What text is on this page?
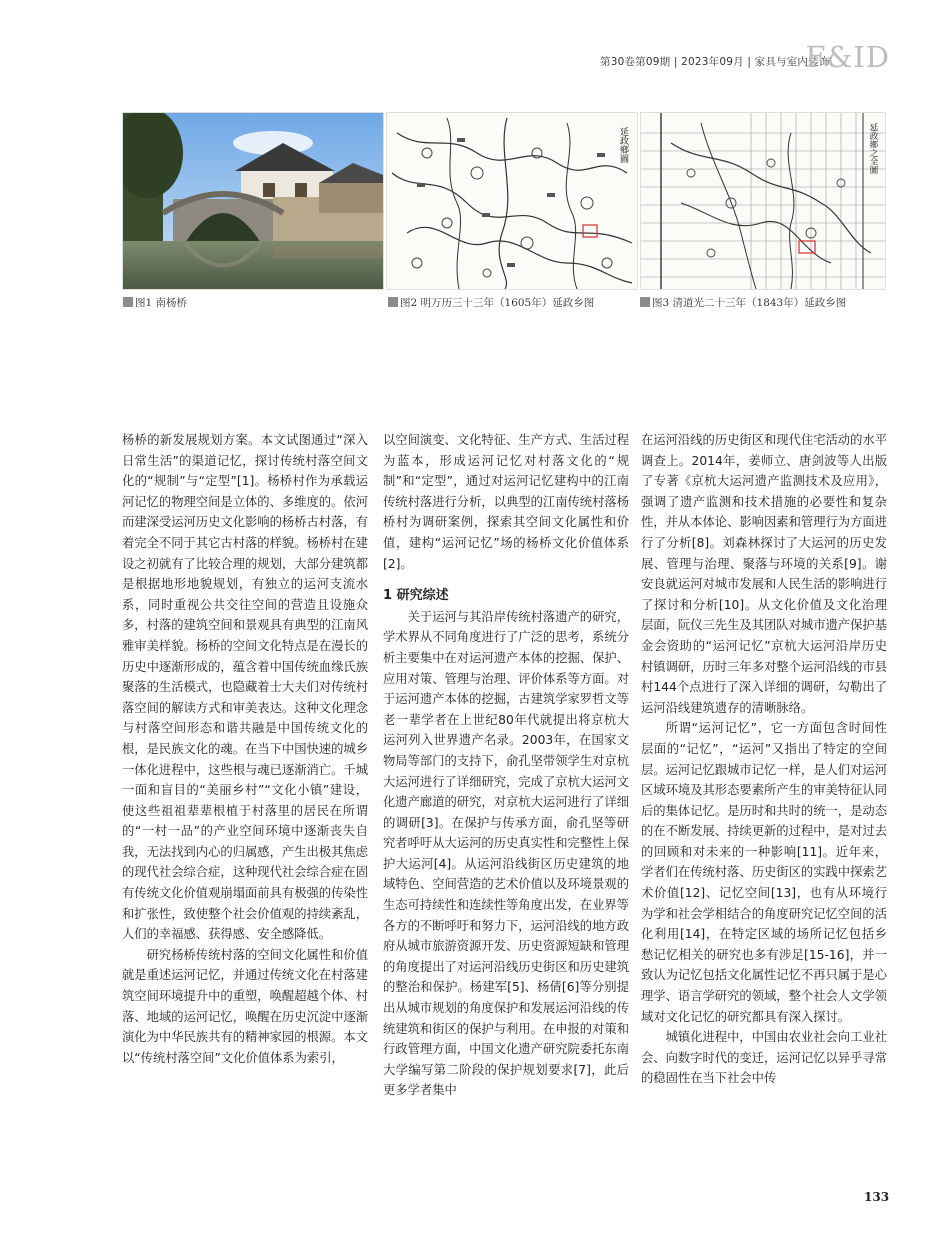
第30卷第09期 | 2023年09月 | 家具与室内装饰
F&ID
延政鄉圖	延政鄉之全圖
图1 南杨桥	图2 明万历三十三年（1605年）延政乡图	图3 清道光二十三年（1843年）延政乡图

杨桥的新发展规划方案。本文试图通过“深入日常生活”的渠道记忆，探讨传统村落空间文化的“规制”与“定型”[1]。杨桥村作为承载运河记忆的物理空间是立体的、多维度的。依河而建深受运河历史文化影响的杨桥古村落，有着完全不同于其它古村落的样貌。杨桥村在建设之初就有了比较合理的规划，大部分建筑都是根据地形地貌规划，有独立的运河支流水系，同时重视公共交往空间的营造且设施众多，村落的建筑空间和景观具有典型的江南风雅审美样貌。杨桥的空间文化特点是在漫长的历史中逐渐形成的，蕴含着中国传统血缘氏族聚落的生活模式，也隐藏着士大夫们对传统村落空间的解读方式和审美表达。这种文化理念与村落空间形态和谐共融是中国传统文化的根，是民族文化的魂。在当下中国快速的城乡一体化进程中，这些根与魂已逐渐消亡。千城一面和盲目的“美丽乡村”“文化小镇”建设，使这些祖祖辈辈根植于村落里的居民在所谓的“一村一品”的产业空间环境中逐渐丧失自我，无法找到内心的归属感，产生出极其焦虑的现代社会综合症，这种现代社会综合症在固有传统文化价值观崩塌面前具有极强的传染性和扩张性，致使整个社会价值观的持续紊乱，人们的幸福感、获得感、安全感降低。

研究杨桥传统村落的空间文化属性和价值就是重述运河记忆，并通过传统文化在村落建筑空间环境提升中的重塑，唤醒超越个体、村落、地域的运河记忆，唤醒在历史沉淀中逐渐演化为中华民族共有的精神家园的根源。本文以“传统村落空间”文化价值体系为索引，

以空间演变、文化特征、生产方式、生活过程为蓝本，形成运河记忆对村落文化的“规制”和“定型”，通过对运河记忆建构中的江南传统村落进行分析，以典型的江南传统村落杨桥村为调研案例，探索其空间文化属性和价值，建构“运河记忆”场的杨桥文化价值体系[2]。

1 研究综述

关于运河与其沿岸传统村落遗产的研究，学术界从不同角度进行了广泛的思考，系统分析主要集中在对运河遗产本体的挖掘、保护、应用对策、管理与治理、评价体系等方面。对于运河遗产本体的挖掘，古建筑学家罗哲文等老一辈学者在上世纪80年代就提出将京杭大运河列入世界遗产名录。2003年，在国家文物局等部门的支持下，俞孔坚带领学生对京杭大运河进行了详细研究，完成了京杭大运河文化遗产廊道的研究，对京杭大运河进行了详细的调研[3]。在保护与传承方面，俞孔坚等研究者呼吁从大运河的历史真实性和完整性上保护大运河[4]。从运河沿线街区历史建筑的地域特色、空间营造的艺术价值以及环境景观的生态可持续性和连续性等角度出发，在业界等各方的不断呼吁和努力下，运河沿线的地方政府从城市旅游资源开发、历史资源短缺和管理的角度提出了对运河沿线历史街区和历史建筑的整治和保护。杨建军[5]、杨倩[6]等分别提出从城市规划的角度保护和发展运河沿线的传统建筑和街区的保护与利用。在申报的对策和行政管理方面，中国文化遗产研究院委托东南大学编写第二阶段的保护规划要求[7]，此后更多学者集中

在运河沿线的历史街区和现代住宅活动的水平调查上。2014年，姜师立、唐剑波等人出版了专著《京杭大运河遗产监测技术及应用》，强调了遗产监测和技术措施的必要性和复杂性，并从本体论、影响因素和管理行为方面进行了分析[8]。刘森林探讨了大运河的历史发展、管理与治理、聚落与环境的关系[9]。谢安良就运河对城市发展和人民生活的影响进行了探讨和分析[10]。从文化价值及文化治理层面，阮仪三先生及其团队对城市遗产保护基金会资助的“运河记忆”京杭大运河沿岸历史村镇调研，历时三年多对整个运河沿线的市县村144个点进行了深入详细的调研，勾勒出了运河沿线建筑遗存的清晰脉络。

所谓“运河记忆”，它一方面包含时间性层面的“记忆”，“运河”又指出了特定的空间层。运河记忆跟城市记忆一样，是人们对运河区域环境及其形态要素所产生的审美特征认同后的集体记忆。是历时和共时的统一，是动态的在不断发展、持续更新的过程中，是对过去的回顾和对未来的一种影响[11]。近年来，学者们在传统村落、历史街区的实践中探索艺术价值[12]、记忆空间[13]，也有从环境行为学和社会学相结合的角度研究记忆空间的活化利用[14]，在特定区域的场所记忆包括乡愁记忆相关的研究也多有涉足[15-16]，并一致认为记忆包括文化属性记忆不再只属于是心理学、语言学研究的领域，整个社会人文学领域对文化记忆的研究都具有深入探讨。

城镇化进程中，中国由农业社会向工业社会、向数字时代的变迁，运河记忆以异乎寻常的稳固性在当下社会中传

133
